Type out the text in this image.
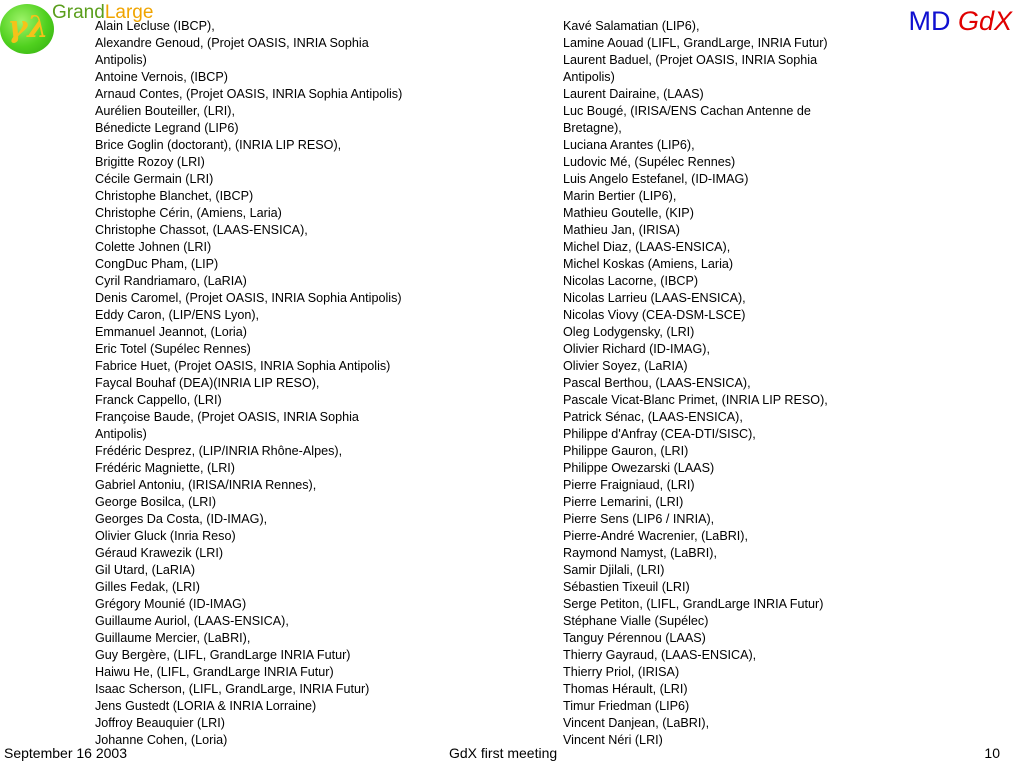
γλ GrandLarge	MD GdX
Alain Lecluse (IBCP),
Alexandre Genoud, (Projet OASIS, INRIA Sophia
Antipolis)
Antoine Vernois, (IBCP)
Arnaud Contes, (Projet OASIS, INRIA Sophia Antipolis)
Aurélien Bouteiller, (LRI),
Bénedicte Legrand (LIP6)
Brice Goglin (doctorant), (INRIA LIP RESO),
Brigitte Rozoy (LRI)
Cécile Germain (LRI)
Christophe Blanchet, (IBCP)
Christophe Cérin, (Amiens, Laria)
Christophe Chassot, (LAAS-ENSICA),
Colette Johnen (LRI)
CongDuc Pham, (LIP)
Cyril Randriamaro, (LaRIA)
Denis Caromel, (Projet OASIS, INRIA Sophia Antipolis)
Eddy Caron, (LIP/ENS Lyon),
Emmanuel Jeannot, (Loria)
Eric Totel (Supélec Rennes)
Fabrice Huet, (Projet OASIS, INRIA Sophia Antipolis)
Faycal Bouhaf (DEA)(INRIA LIP RESO),
Franck Cappello, (LRI)
Françoise Baude, (Projet OASIS, INRIA Sophia
Antipolis)
Frédéric Desprez, (LIP/INRIA Rhône-Alpes),
Frédéric Magniette, (LRI)
Gabriel Antoniu, (IRISA/INRIA Rennes),
George Bosilca, (LRI)
Georges Da Costa, (ID-IMAG),
Olivier Gluck (Inria Reso)
Géraud Krawezik (LRI)
Gil Utard, (LaRIA)
Gilles Fedak, (LRI)
Grégory Mounié (ID-IMAG)
Guillaume Auriol, (LAAS-ENSICA),
Guillaume Mercier, (LaBRI),
Guy Bergère, (LIFL, GrandLarge INRIA Futur)
Haiwu He, (LIFL, GrandLarge INRIA Futur)
Isaac Scherson, (LIFL, GrandLarge, INRIA Futur)
Jens Gustedt (LORIA & INRIA Lorraine)
Joffroy Beauquier (LRI)
Johanne Cohen, (Loria)
Kavé Salamatian (LIP6),
Lamine Aouad (LIFL, GrandLarge, INRIA Futur)
Laurent Baduel, (Projet OASIS, INRIA Sophia
Antipolis)
Laurent Dairaine, (LAAS)
Luc Bougé, (IRISA/ENS Cachan Antenne de
Bretagne),
Luciana Arantes (LIP6),
Ludovic Mé, (Supélec Rennes)
Luis Angelo Estefanel, (ID-IMAG)
Marin Bertier (LIP6),
Mathieu Goutelle, (KIP)
Mathieu Jan, (IRISA)
Michel Diaz, (LAAS-ENSICA),
Michel Koskas (Amiens, Laria)
Nicolas Lacorne, (IBCP)
Nicolas Larrieu (LAAS-ENSICA),
Nicolas Viovy (CEA-DSM-LSCE)
Oleg Lodygensky, (LRI)
Olivier Richard (ID-IMAG),
Olivier Soyez, (LaRIA)
Pascal Berthou, (LAAS-ENSICA),
Pascale Vicat-Blanc Primet, (INRIA LIP RESO),
Patrick Sénac, (LAAS-ENSICA),
Philippe d'Anfray (CEA-DTI/SISC),
Philippe Gauron, (LRI)
Philippe Owezarski (LAAS)
Pierre Fraigniaud, (LRI)
Pierre Lemarini, (LRI)
Pierre Sens (LIP6 / INRIA),
Pierre-André Wacrenier, (LaBRI),
Raymond Namyst, (LaBRI),
Samir Djilali, (LRI)
Sébastien Tixeuil (LRI)
Serge Petiton, (LIFL, GrandLarge INRIA Futur)
Stéphane Vialle (Supélec)
Tanguy Pérennou (LAAS)
Thierry Gayraud, (LAAS-ENSICA),
Thierry Priol, (IRISA)
Thomas Hérault, (LRI)
Timur Friedman (LIP6)
Vincent Danjean, (LaBRI),
Vincent Néri (LRI)
September 16 2003	GdX first meeting	10
